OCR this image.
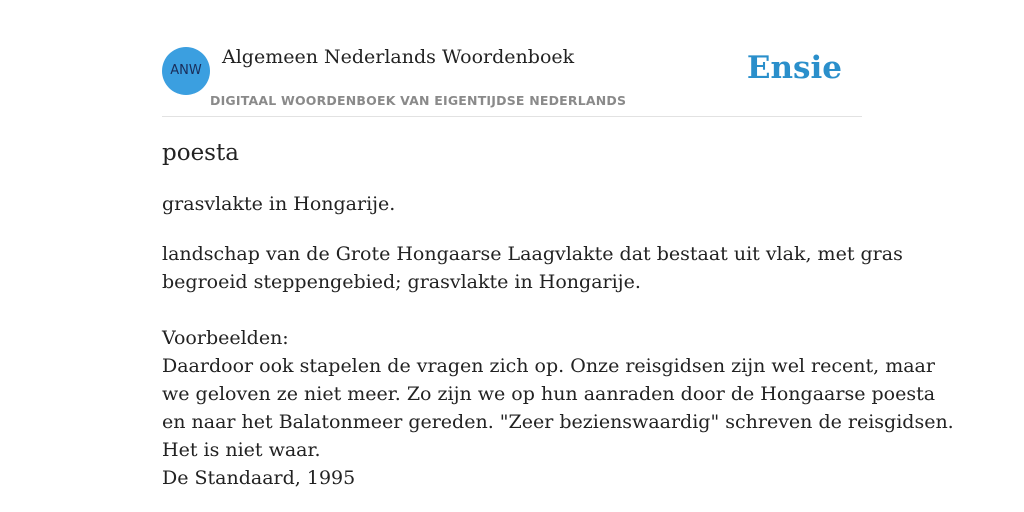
ANW
Algemeen Nederlands Woordenboek
DIGITAAL WOORDENBOEK VAN EIGENTIJDSE NEDERLANDS
Ensie
poesta
grasvlakte in Hongarije.
landschap van de Grote Hongaarse Laagvlakte dat bestaat uit vlak, met gras
begroeid steppengebied; grasvlakte in Hongarije.
Voorbeelden:
Daardoor ook stapelen de vragen zich op. Onze reisgidsen zijn wel recent, maar
we geloven ze niet meer. Zo zijn we op hun aanraden door de Hongaarse poesta
en naar het Balatonmeer gereden. "Zeer bezienswaardig" schreven de reisgidsen.
Het is niet waar.
De Standaard, 1995
